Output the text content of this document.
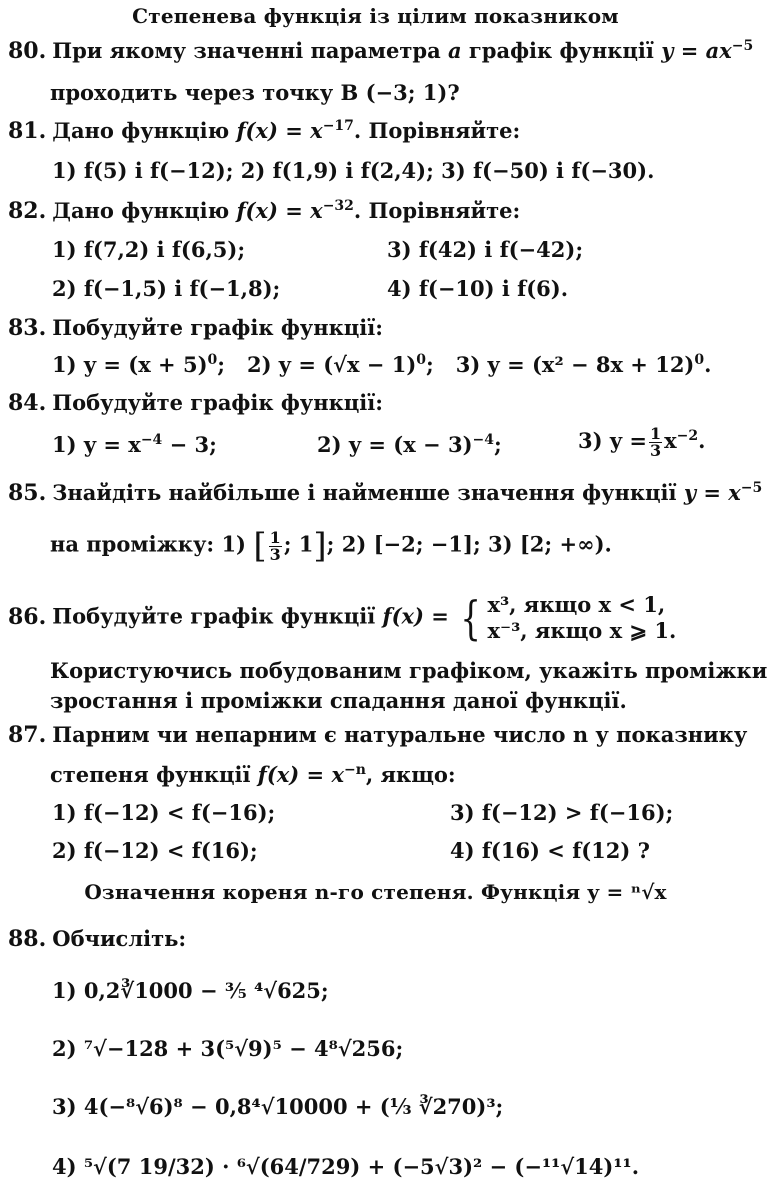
Степенева функція із цілим показником
80. При якому значенні параметра a графік функції $y = ax^{-5}$
проходить через точку B (−3; 1)?
81. Дано функцію $f(x) = x^{-17}$. Порівняйте:
1) f(5) і f(−12); 2) f(1,9) і f(2,4); 3) f(−50) і f(−30).
82. Дано функцію $f(x) = x^{-32}$. Порівняйте:
1) f(7,2) і f(6,5);	3) f(42) і f(−42);
2) f(−1,5) і f(−1,8);	4) f(−10) і f(6).
83. Побудуйте графік функції:
1) $y = (x + 5)^0$;   2) $y = (√x - 1)^0$;   3) $y = (x^2 - 8x + 12)^0$.
84. Побудуйте графік функції:
1) $y = x^{-4} - 3$;	2) $y = (x - 3)^{-4}$;	3) $y = \frac{1}{3} x^{-2}$.
85. Знайдіть найбільше і найменше значення функції $y = x^{-5}$
на проміжку: 1) [ $\frac{1}{3}$ ; 1]; 2) [−2; −1]; 3) [2; +∞).
86. Побудуйте графік функції f(x) = { x³, якщо x < 1,
x⁻³, якщо x ⩾ 1.
Користуючись побудованим графіком, укажіть проміжки
зростання і проміжки спадання даної функції.
87. Парним чи непарним є натуральне число n у показнику
степеня функції $f(x) = x^{-n}$, якщо:
1) f(−12) < f(−16);	3) f(−12) > f(−16);
2) f(−12) < f(16);	4) f(16) < f(12) ?
Означення кореня n-го степеня. Функція y = ⁿ√x
88. Обчисліть:
1) 0,2∛1000 − ³⁄₅ ⁴√625;
2) ⁷√−128 + 3(⁵√9)⁵ − 4⁸√256;
3) 4(−⁸√6)⁸ − 0,8⁴√10000 + (⅓ ∛270)³;
4) ⁵√(7 19/32) · ⁶√(64/729) + (−5√3)² − (−¹¹√14)¹¹.
